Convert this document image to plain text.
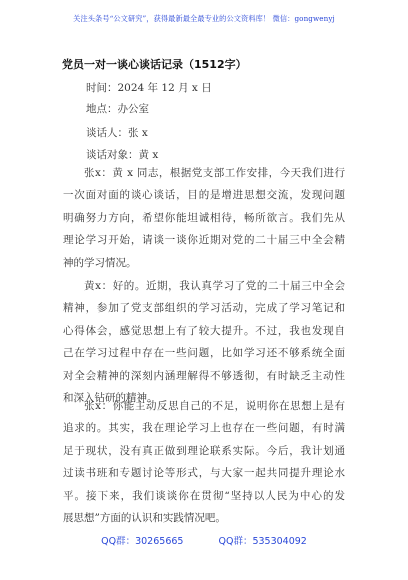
关注头条号“公文研究”，获得最新最全最专业的公文资料库！ 微信：gongwenyj
党员一对一谈心谈话记录（1512字）
时间：2024 年 12 月 x 日
地点：办公室
谈话人：张 x
谈话对象：黄 x
张x：黄 x 同志，根据党支部工作安排，今天我们进行
一次面对面的谈心谈话，目的是增进思想交流，发现问题
明确努力方向，希望你能坦诚相待，畅所欲言。我们先从
理论学习开始，请谈一谈你近期对党的二十届三中全会精
神的学习情况。
黄x：好的。近期，我认真学习了党的二十届三中全会
精神，参加了党支部组织的学习活动，完成了学习笔记和
心得体会，感觉思想上有了较大提升。不过，我也发现自
己在学习过程中存在一些问题，比如学习还不够系统全面
对全会精神的深刻内涵理解得不够透彻，有时缺乏主动性
和深入钻研的精神。
张x：你能主动反思自己的不足，说明你在思想上是有
追求的。其实，我在理论学习上也存在一些问题，有时满
足于现状，没有真正做到理论联系实际。今后，我计划通
过读书班和专题讨论等形式，与大家一起共同提升理论水
平。接下来，我们谈谈你在贯彻“坚持以人民为中心的发
展思想”方面的认识和实践情况吧。
QQ群：30265665	QQ群：535304092
